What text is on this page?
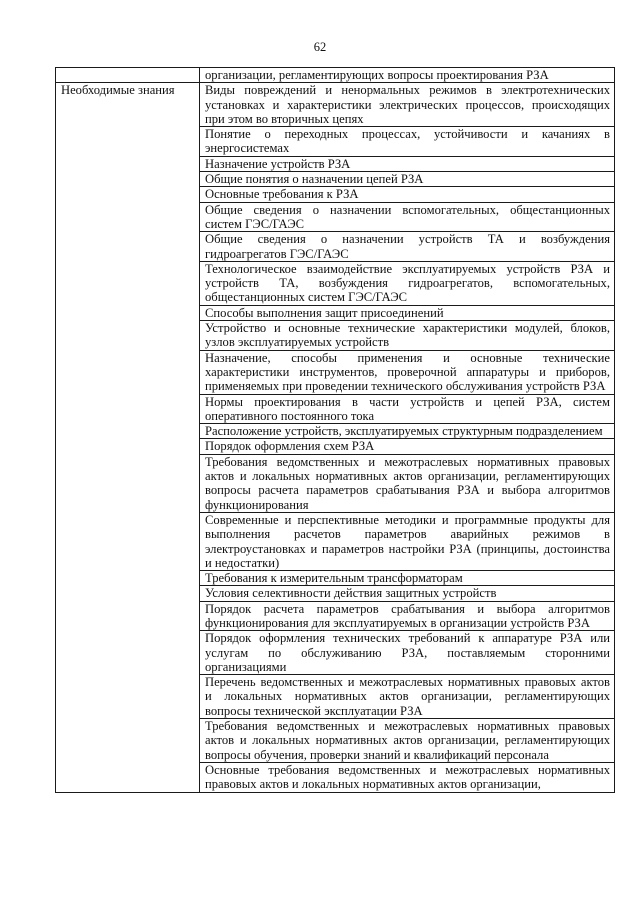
62
	организации, регламентирующих вопросы проектирования РЗА
Необходимые знания	Виды повреждений и ненормальных режимов в электротехнических установках и характеристики электрических процессов, происходящих при этом во вторичных цепях
	Понятие о переходных процессах, устойчивости и качаниях в энергосистемах
	Назначение устройств РЗА
	Общие понятия о назначении цепей РЗА
	Основные требования к РЗА
	Общие сведения о назначении вспомогательных, общестанционных систем ГЭС/ГАЭС
	Общие сведения о назначении устройств ТА и возбуждения гидроагрегатов ГЭС/ГАЭС
	Технологическое взаимодействие эксплуатируемых устройств РЗА и устройств ТА, возбуждения гидроагрегатов, вспомогательных, общестанционных систем ГЭС/ГАЭС
	Способы выполнения защит присоединений
	Устройство и основные технические характеристики модулей, блоков, узлов эксплуатируемых устройств
	Назначение, способы применения и основные технические характеристики инструментов, проверочной аппаратуры и приборов, применяемых при проведении технического обслуживания устройств РЗА
	Нормы проектирования в части устройств и цепей РЗА, систем оперативного постоянного тока
	Расположение устройств, эксплуатируемых структурным подразделением
	Порядок оформления схем РЗА
	Требования ведомственных и межотраслевых нормативных правовых актов и локальных нормативных актов организации, регламентирующих вопросы расчета параметров срабатывания РЗА и выбора алгоритмов функционирования
	Современные и перспективные методики и программные продукты для выполнения расчетов параметров аварийных режимов в электроустановках и параметров настройки РЗА (принципы, достоинства и недостатки)
	Требования к измерительным трансформаторам
	Условия селективности действия защитных устройств
	Порядок расчета параметров срабатывания и выбора алгоритмов функционирования для эксплуатируемых в организации устройств РЗА
	Порядок оформления технических требований к аппаратуре РЗА или услугам по обслуживанию РЗА, поставляемым сторонними организациями
	Перечень ведомственных и межотраслевых нормативных правовых актов и локальных нормативных актов организации, регламентирующих вопросы технической эксплуатации РЗА
	Требования ведомственных и межотраслевых нормативных правовых актов и локальных нормативных актов организации, регламентирующих вопросы обучения, проверки знаний и квалификаций персонала
	Основные требования ведомственных и межотраслевых нормативных правовых актов и локальных нормативных актов организации,
